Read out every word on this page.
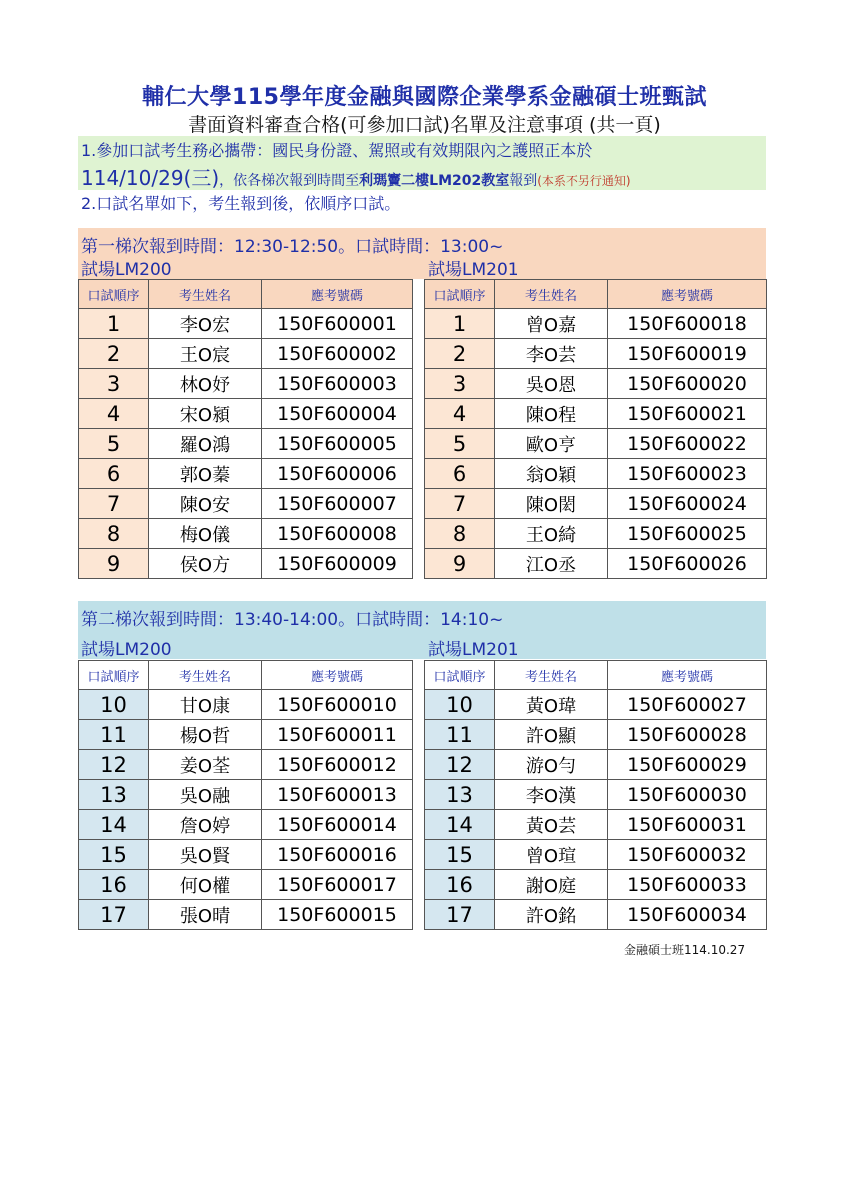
輔仁大學115學年度金融與國際企業學系金融碩士班甄試
書面資料審查合格(可參加口試)名單及注意事項 (共一頁)
1.參加口試考生務必攜帶：國民身份證、駕照或有效期限內之護照正本於
114/10/29(三)，依各梯次報到時間至利瑪竇二樓LM202教室報到(本系不另行通知)
2.口試名單如下，考生報到後，依順序口試。
第一梯次報到時間：12:30-12:50。口試時間：13:00~
試場LM200	試場LM201
口試順序	考生姓名	應考號碼
1	李O宏	150F600001
2	王O宸	150F600002
3	林O妤	150F600003
4	宋O潁	150F600004
5	羅O鴻	150F600005
6	郭O蓁	150F600006
7	陳O安	150F600007
8	梅O儀	150F600008
9	侯O方	150F600009
口試順序	考生姓名	應考號碼
1	曾O嘉	150F600018
2	李O芸	150F600019
3	吳O恩	150F600020
4	陳O程	150F600021
5	歐O亨	150F600022
6	翁O穎	150F600023
7	陳O閎	150F600024
8	王O綺	150F600025
9	江O丞	150F600026
第二梯次報到時間：13:40-14:00。口試時間：14:10~
試場LM200	試場LM201
口試順序	考生姓名	應考號碼
10	甘O康	150F600010
11	楊O哲	150F600011
12	姜O荃	150F600012
13	吳O融	150F600013
14	詹O婷	150F600014
15	吳O賢	150F600016
16	何O權	150F600017
17	張O晴	150F600015
口試順序	考生姓名	應考號碼
10	黃O瑋	150F600027
11	許O顯	150F600028
12	游O勻	150F600029
13	李O漢	150F600030
14	黃O芸	150F600031
15	曾O瑄	150F600032
16	謝O庭	150F600033
17	許O銘	150F600034
金融碩士班114.10.27
